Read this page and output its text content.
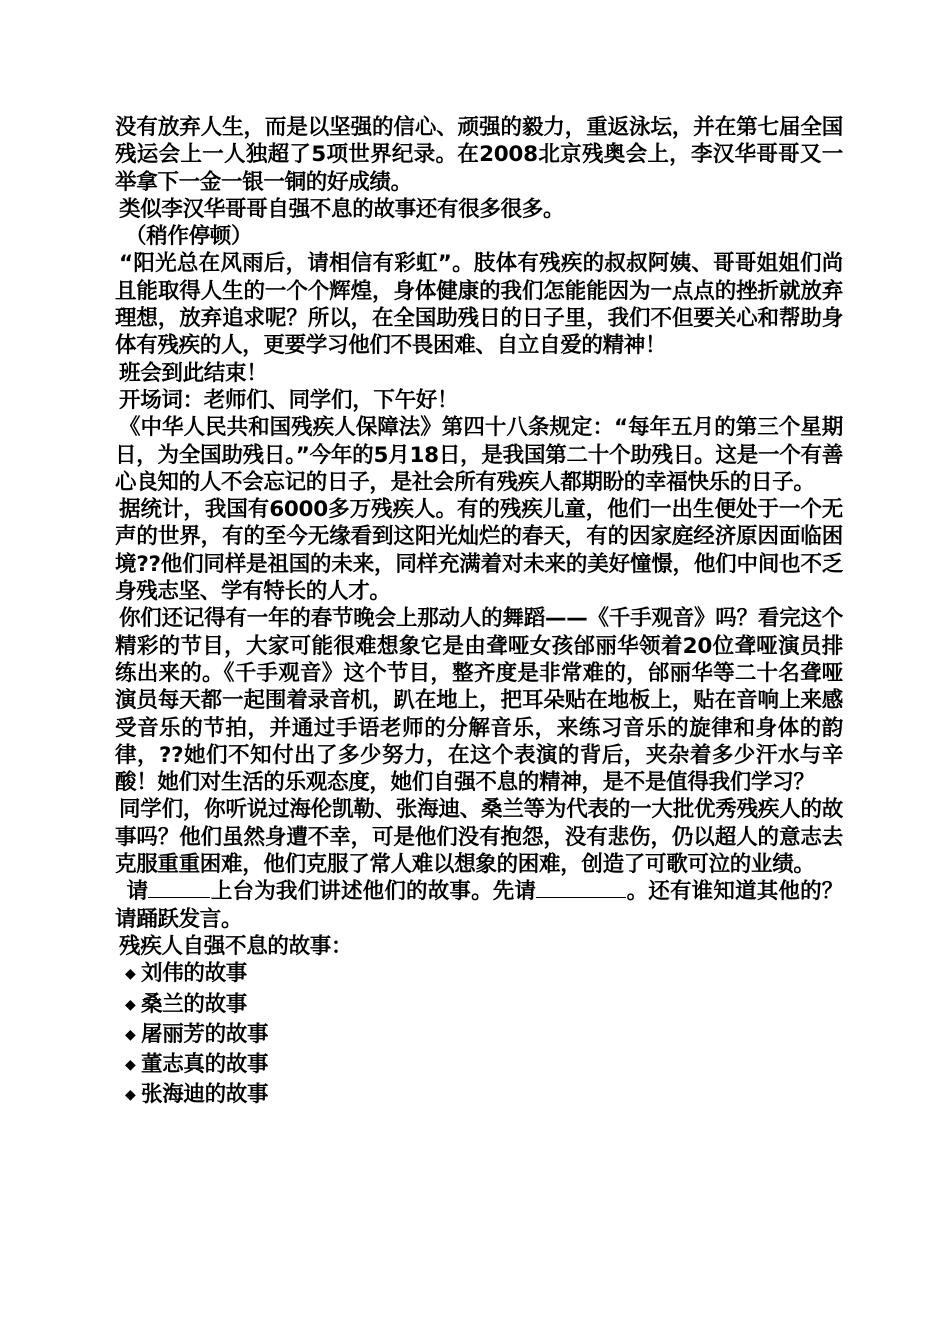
没有放弃人生，而是以坚强的信心、顽强的毅力，重返泳坛，并在第七届全国残运会上一人独超了5项世界纪录。在2008北京残奥会上，李汉华哥哥又一举拿下一金一银一铜的好成绩。

类似李汉华哥哥自强不息的故事还有很多很多。

（稍作停顿）

“阳光总在风雨后，请相信有彩虹”。肢体有残疾的叔叔阿姨、哥哥姐姐们尚且能取得人生的一个个辉煌，身体健康的我们怎能能因为一点点的挫折就放弃理想，放弃追求呢？所以，在全国助残日的日子里，我们不但要关心和帮助身体有残疾的人，更要学习他们不畏困难、自立自爱的精神！

班会到此结束！

开场词：老师们、同学们，下午好！

《中华人民共和国残疾人保障法》第四十八条规定：“每年五月的第三个星期日，为全国助残日。”今年的5月18日，是我国第二十个助残日。这是一个有善心良知的人不会忘记的日子，是社会所有残疾人都期盼的幸福快乐的日子。

据统计，我国有6000多万残疾人。有的残疾儿童，他们一出生便处于一个无声的世界，有的至今无缘看到这阳光灿烂的春天，有的因家庭经济原因面临困境??他们同样是祖国的未来，同样充满着对未来的美好憧憬，他们中间也不乏身残志坚、学有特长的人才。

你们还记得有一年的春节晚会上那动人的舞蹈——《千手观音》吗？看完这个精彩的节目，大家可能很难想象它是由聋哑女孩邰丽华领着20位聋哑演员排练出来的。《千手观音》这个节目，整齐度是非常难的，邰丽华等二十名聋哑演员每天都一起围着录音机，趴在地上，把耳朵贴在地板上，贴在音响上来感受音乐的节拍，并通过手语老师的分解音乐，来练习音乐的旋律和身体的韵律，??她们不知付出了多少努力，在这个表演的背后，夹杂着多少汗水与辛酸！她们对生活的乐观态度，她们自强不息的精神，是不是值得我们学习？

同学们，你听说过海伦凯勒、张海迪、桑兰等为代表的一大批优秀残疾人的故事吗？他们虽然身遭不幸，可是他们没有抱怨，没有悲伤，仍以超人的意志去克服重重困难，他们克服了常人难以想象的困难，创造了可歌可泣的业绩。

请	上台为我们讲述他们的故事。先请	。还有谁知道其他的？请踊跃发言。

残疾人自强不息的故事：

◆ 刘伟的故事
◆ 桑兰的故事
◆ 屠丽芳的故事
◆ 董志真的故事
◆ 张海迪的故事
